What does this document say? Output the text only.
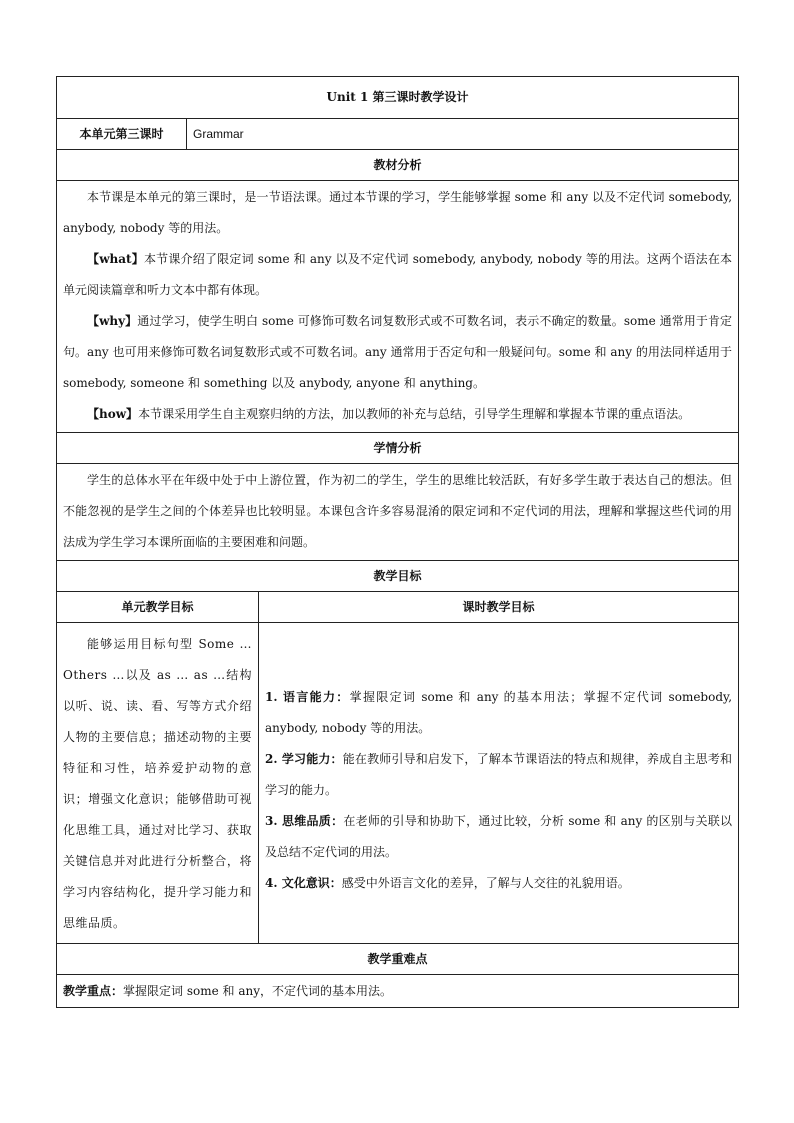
Unit 1 第三课时教学设计		
本单元第三课时	Grammar	
教材分析		

本节课是本单元的第三课时，是一节语法课。通过本节课的学习，学生能够掌握 some 和 any 以及不定代词 somebody, anybody, nobody 等的用法。

【what】本节课介绍了限定词 some 和 any 以及不定代词 somebody, anybody, nobody 等的用法。这两个语法在本单元阅读篇章和听力文本中都有体现。

【why】通过学习，使学生明白 some 可修饰可数名词复数形式或不可数名词，表示不确定的数量。some 通常用于肯定句。any 也可用来修饰可数名词复数形式或不可数名词。any 通常用于否定句和一般疑问句。some 和 any 的用法同样适用于 somebody, someone 和 something 以及 anybody, anyone 和 anything。

【how】本节课采用学生自主观察归纳的方法，加以教师的补充与总结，引导学生理解和掌握本节课的重点语法。		

学情分析		

学生的总体水平在年级中处于中上游位置，作为初二的学生，学生的思维比较活跃，有好多学生敢于表达自己的想法。但不能忽视的是学生之间的个体差异也比较明显。本课包含许多容易混淆的限定词和不定代词的用法，理解和掌握这些代词的用法成为学生学习本课所面临的主要困难和问题。		

教学目标		
单元教学目标		课时教学目标

能够运用目标句型 Some … Others …以及 as … as …结构以听、说、读、看、写等方式介绍人物的主要信息；描述动物的主要特征和习性，培养爱护动物的意识；增强文化意识；能够借助可视化思维工具，通过对比学习、获取关键信息并对此进行分析整合，将学习内容结构化，提升学习能力和思维品质。		1. 语言能力：掌握限定词 some 和 any 的基本用法；掌握不定代词 somebody, anybody, nobody 等的用法。

2. 学习能力：能在教师引导和启发下，了解本节课语法的特点和规律，养成自主思考和学习的能力。

3. 思维品质：在老师的引导和协助下，通过比较，分析 some 和 any 的区别与关联以及总结不定代词的用法。

4. 文化意识：感受中外语言文化的差异，了解与人交往的礼貌用语。

教学重难点		
教学重点：掌握限定词 some 和 any，不定代词的基本用法。		
